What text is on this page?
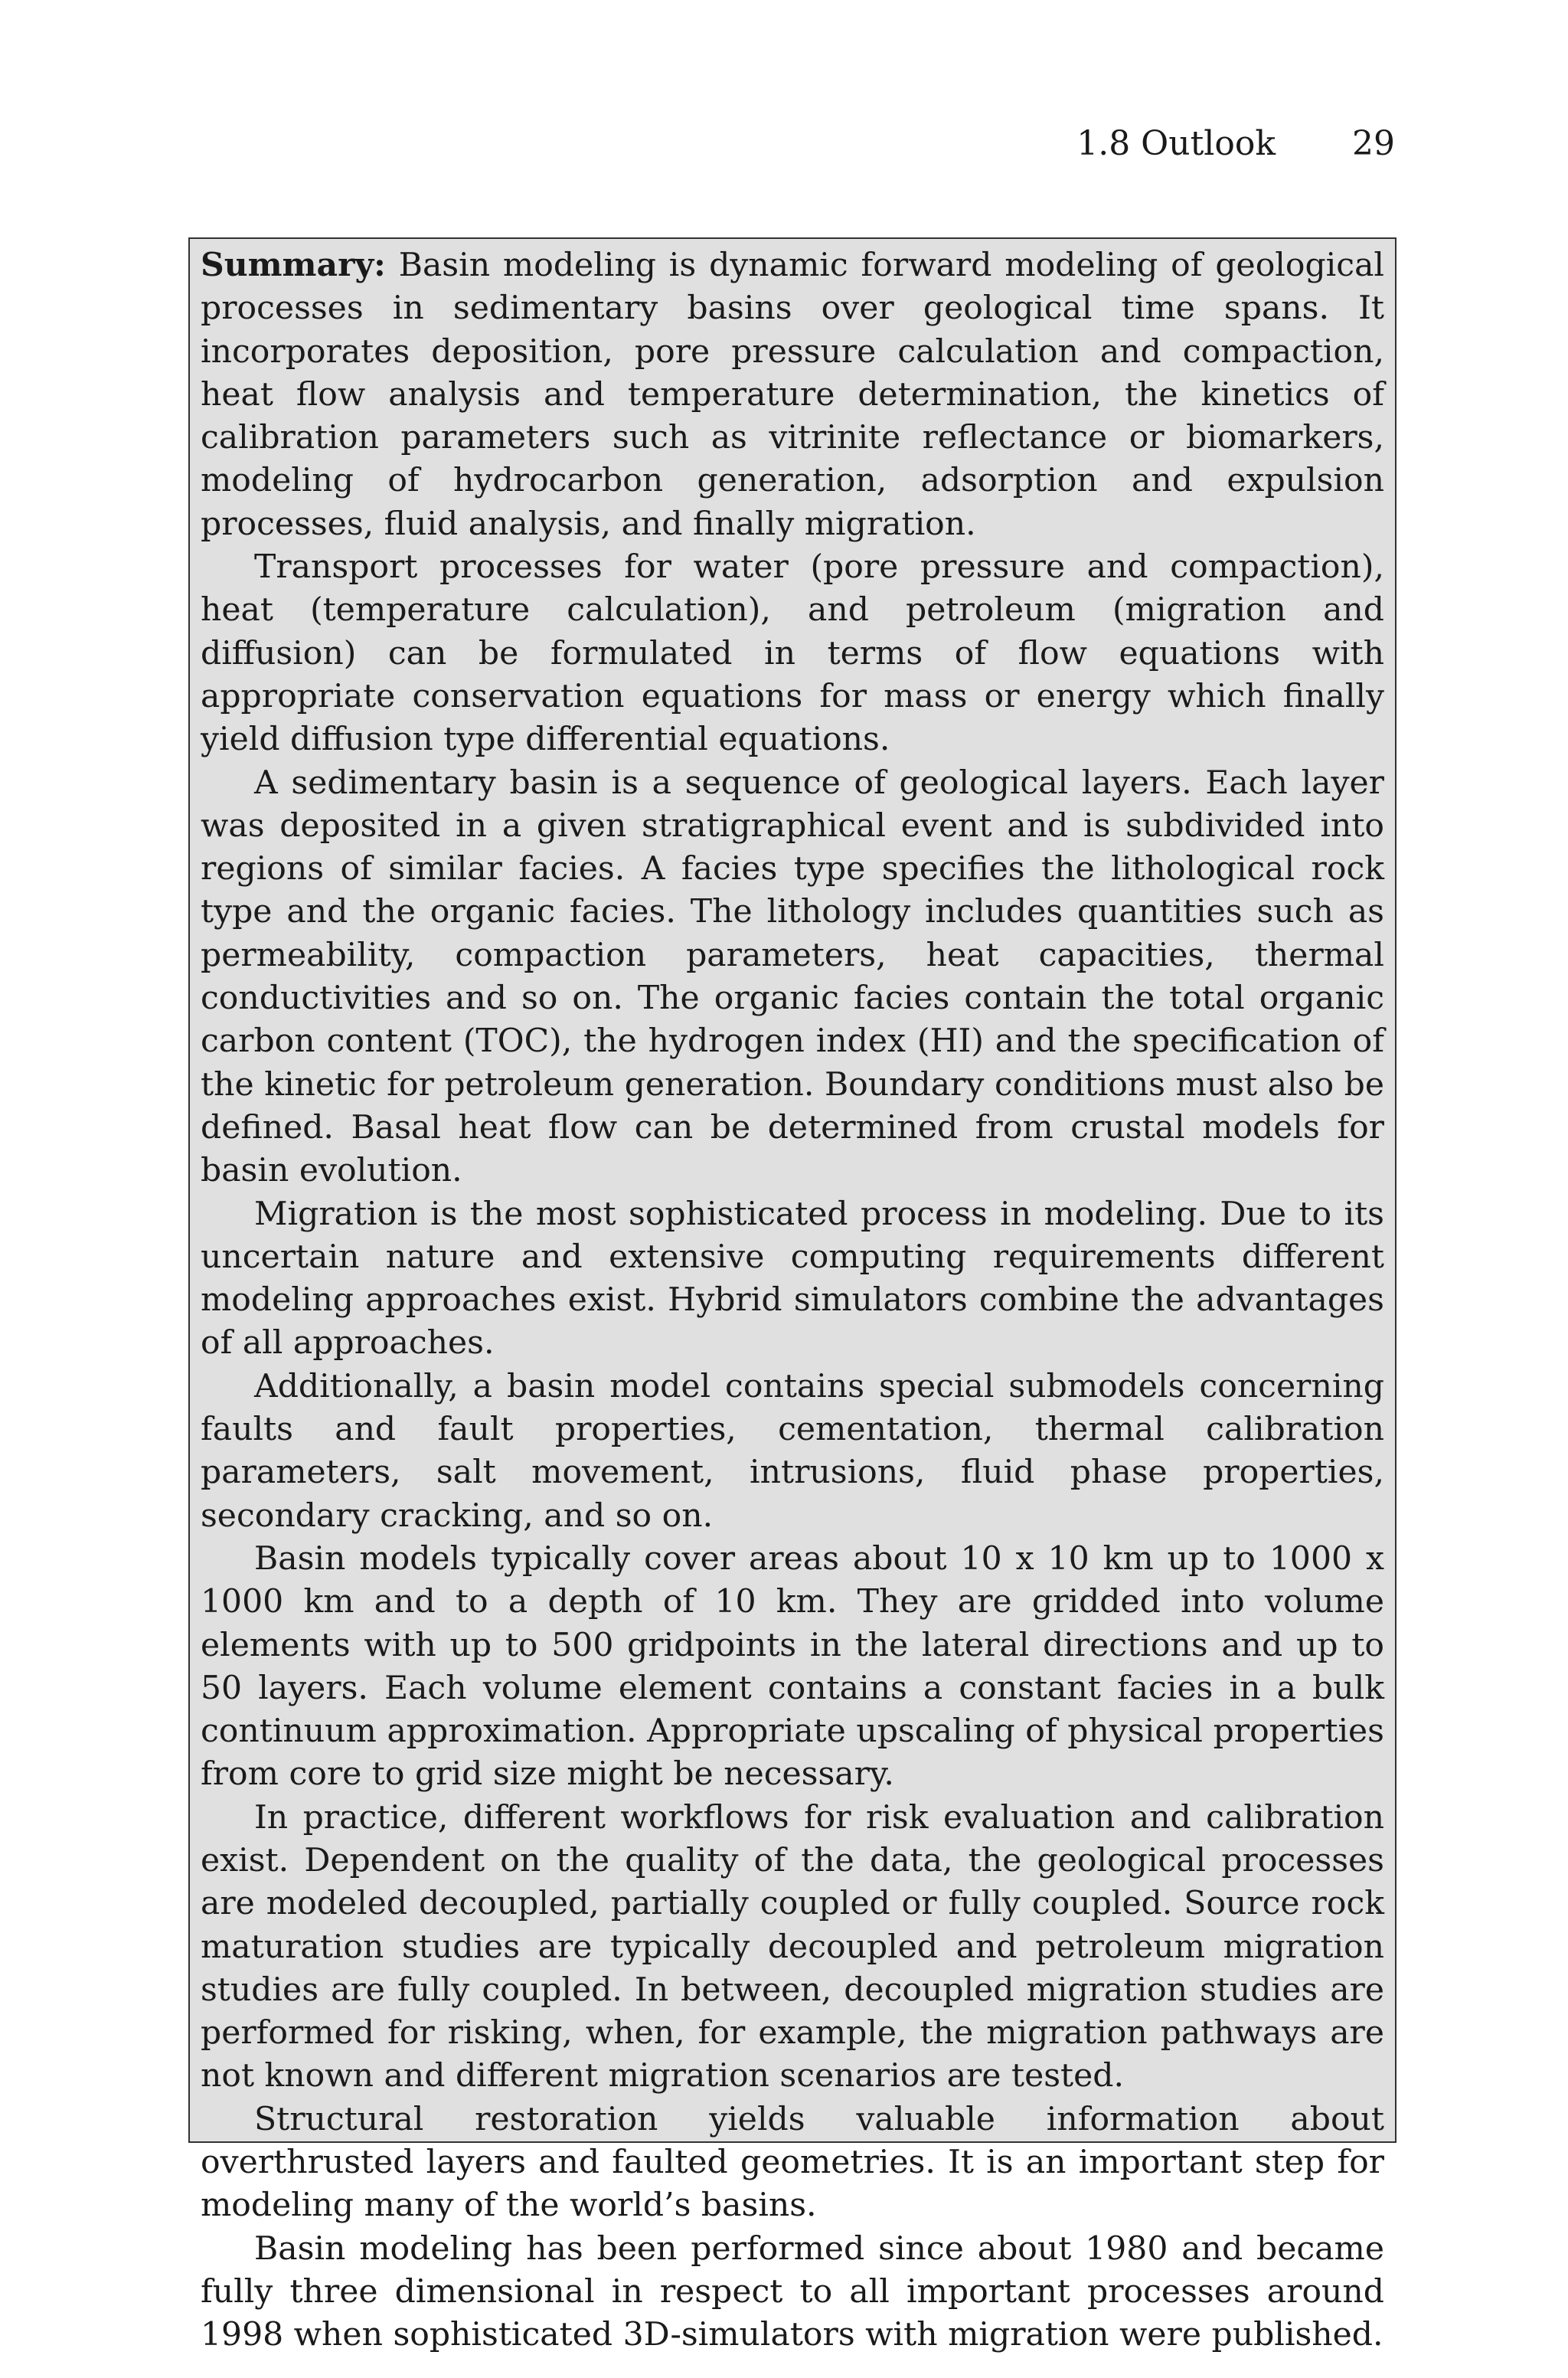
1.8 Outlook 29

Summary: Basin modeling is dynamic forward modeling of geological processes in sedimentary basins over geological time spans. It incorporates deposition, pore pressure calculation and compaction, heat flow analysis and temperature determination, the kinetics of calibration parameters such as vitrinite reflectance or biomarkers, modeling of hydrocarbon generation, adsorption and expulsion processes, fluid analysis, and finally migration.

Transport processes for water (pore pressure and compaction), heat (temperature calculation), and petroleum (migration and diffusion) can be formulated in terms of flow equations with appropriate conservation equations for mass or energy which finally yield diffusion type differential equations.

A sedimentary basin is a sequence of geological layers. Each layer was deposited in a given stratigraphical event and is subdivided into regions of similar facies. A facies type specifies the lithological rock type and the organic facies. The lithology includes quantities such as permeability, compaction parameters, heat capacities, thermal conductivities and so on. The organic facies contain the total organic carbon content (TOC), the hydrogen index (HI) and the specification of the kinetic for petroleum generation. Boundary conditions must also be defined. Basal heat flow can be determined from crustal models for basin evolution.

Migration is the most sophisticated process in modeling. Due to its uncertain nature and extensive computing requirements different modeling approaches exist. Hybrid simulators combine the advantages of all approaches.

Additionally, a basin model contains special submodels concerning faults and fault properties, cementation, thermal calibration parameters, salt movement, intrusions, fluid phase properties, secondary cracking, and so on.

Basin models typically cover areas about 10 x 10 km up to 1000 x 1000 km and to a depth of 10 km. They are gridded into volume elements with up to 500 gridpoints in the lateral directions and up to 50 layers. Each volume element contains a constant facies in a bulk continuum approximation. Appropriate upscaling of physical properties from core to grid size might be necessary.

In practice, different workflows for risk evaluation and calibration exist. Dependent on the quality of the data, the geological processes are modeled decoupled, partially coupled or fully coupled. Source rock maturation studies are typically decoupled and petroleum migration studies are fully coupled. In between, decoupled migration studies are performed for risking, when, for example, the migration pathways are not known and different migration scenarios are tested.

Structural restoration yields valuable information about overthrusted layers and faulted geometries. It is an important step for modeling many of the world’s basins.

Basin modeling has been performed since about 1980 and became fully three dimensional in respect to all important processes around 1998 when sophisticated 3D-simulators with migration were published.
